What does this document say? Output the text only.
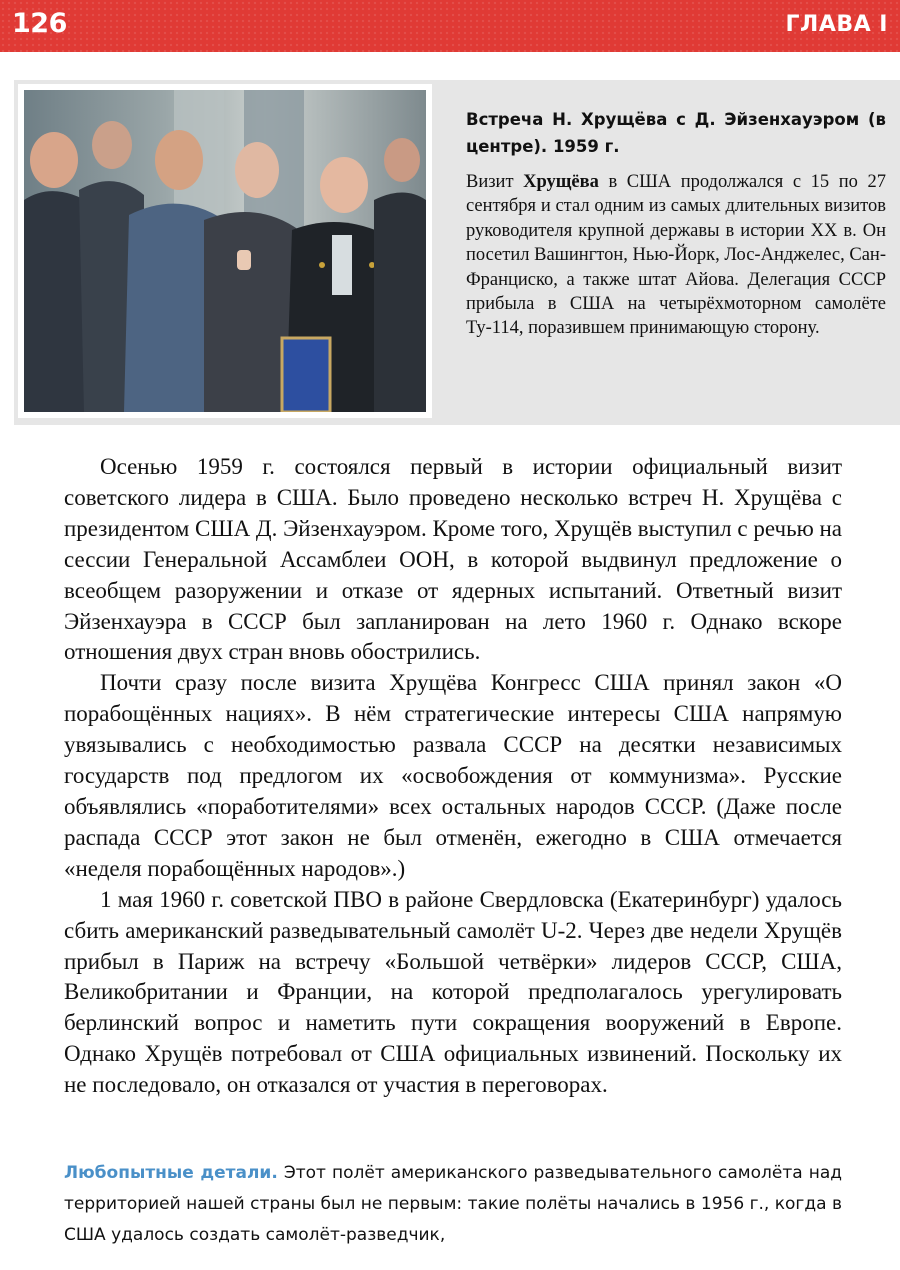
126	ГЛАВА I
Встреча Н. Хрущёва с Д. Эйзенхауэром (в центре). 1959 г.
Визит Хрущёва в США продолжался с 15 по 27 сентября и стал одним из самых длительных визитов руководителя крупной державы в истории XX в. Он посетил Вашингтон, Нью-Йорк, Лос-Анджелес, Сан-Франциско, а также штат Айова. Делегация СССР прибыла в США на четырёхмоторном самолёте Ту-114, поразившем принимающую сторону.

Осенью 1959 г. состоялся первый в истории официальный визит советского лидера в США. Было проведено несколько встреч Н. Хрущёва с президентом США Д. Эйзенхауэром. Кроме того, Хрущёв выступил с речью на сессии Генеральной Ассамблеи ООН, в которой выдвинул предложение о всеобщем разоружении и отказе от ядерных испытаний. Ответный визит Эйзенхауэра в СССР был запланирован на лето 1960 г. Однако вскоре отношения двух стран вновь обострились.

Почти сразу после визита Хрущёва Конгресс США принял закон «О порабощённых нациях». В нём стратегические интересы США напрямую увязывались с необходимостью развала СССР на десятки независимых государств под предлогом их «освобождения от коммунизма». Русские объявлялись «поработителями» всех остальных народов СССР. (Даже после распада СССР этот закон не был отменён, ежегодно в США отмечается «неделя порабощённых народов».)

1 мая 1960 г. советской ПВО в районе Свердловска (Екатеринбург) удалось сбить американский разведывательный самолёт U-2. Через две недели Хрущёв прибыл в Париж на встречу «Большой четвёрки» лидеров СССР, США, Великобритании и Франции, на которой предполагалось урегулировать берлинский вопрос и наметить пути сокращения вооружений в Европе. Однако Хрущёв потребовал от США официальных извинений. Поскольку их не последовало, он отказался от участия в переговорах.

Любопытные детали. Этот полёт американского разведывательного самолёта над территорией нашей страны был не первым: такие полёты начались в 1956 г., когда в США удалось создать самолёт-разведчик,
